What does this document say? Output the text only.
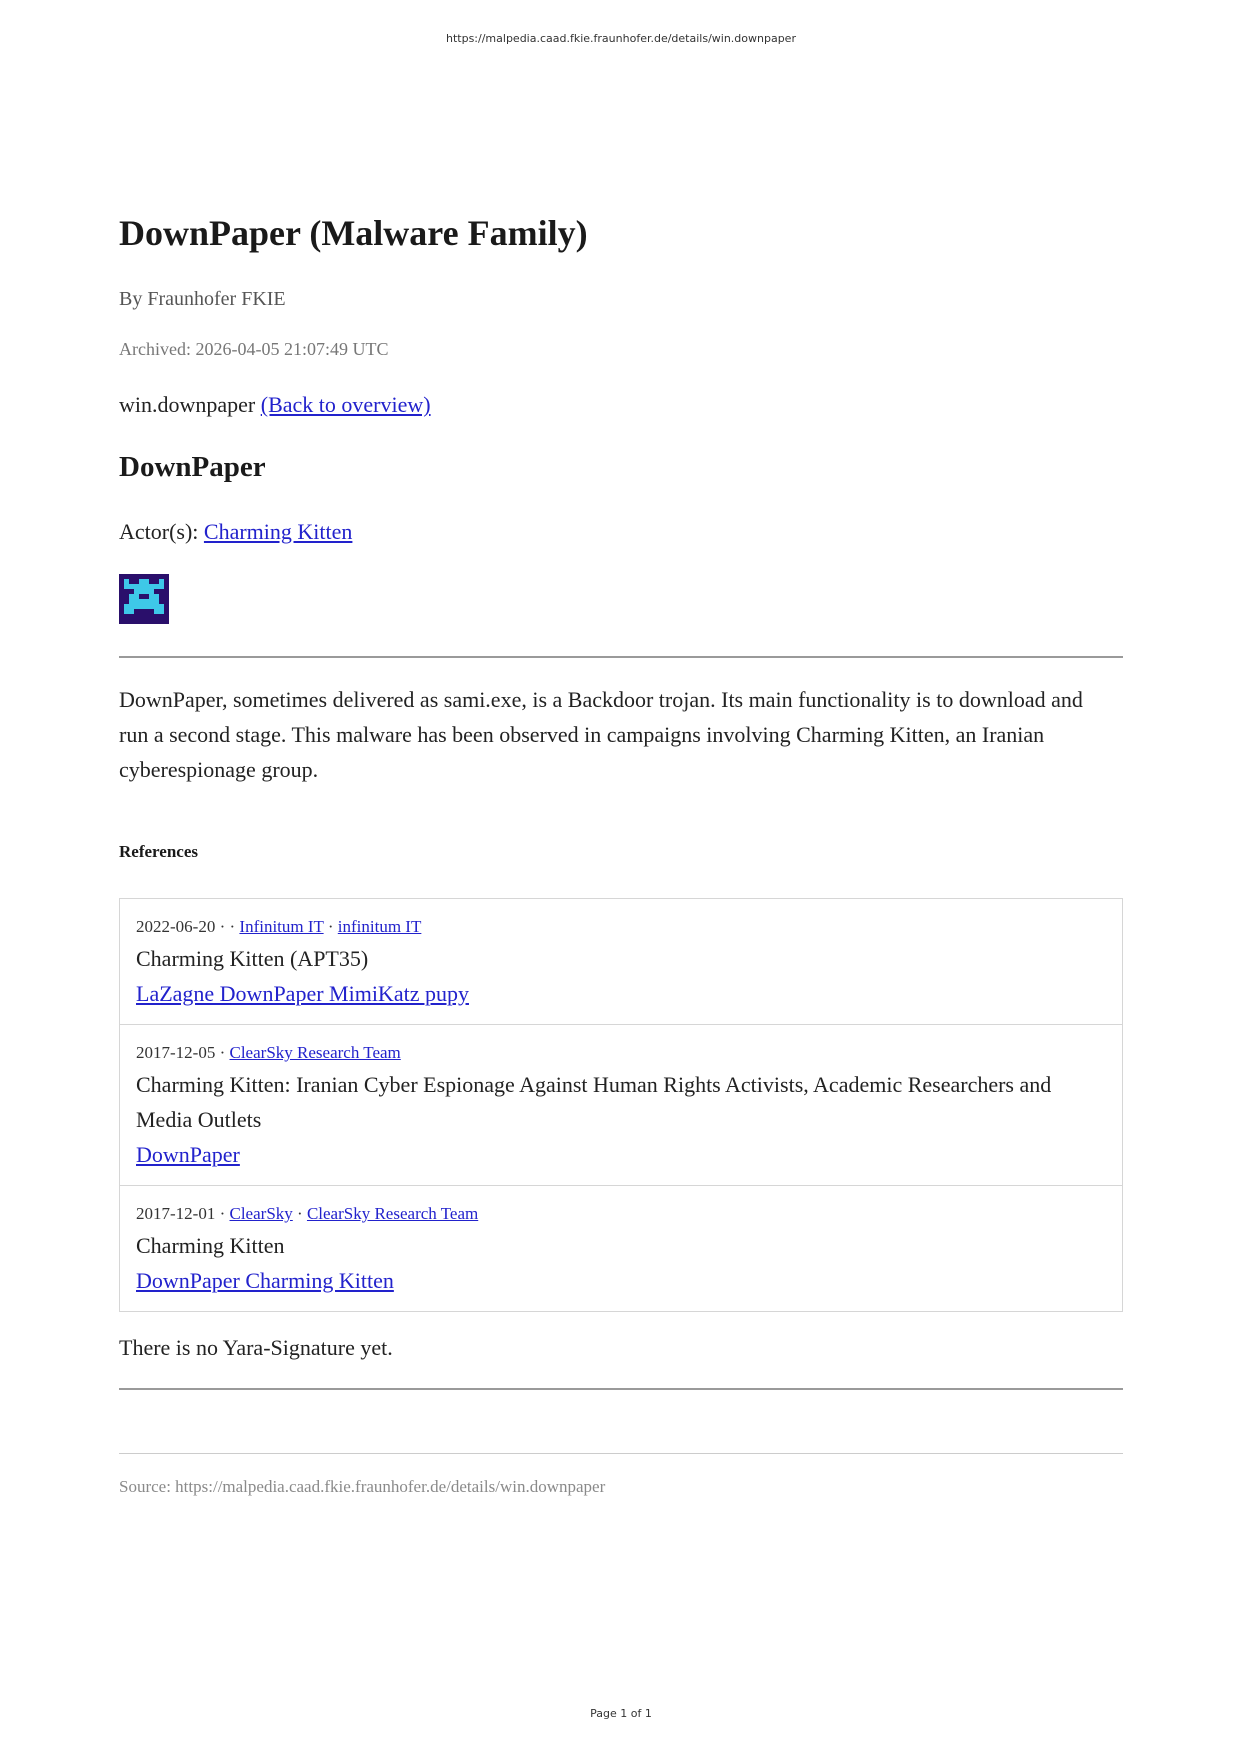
https://malpedia.caad.fkie.fraunhofer.de/details/win.downpaper
DownPaper (Malware Family)
By Fraunhofer FKIE
Archived: 2026-04-05 21:07:49 UTC
win.downpaper (Back to overview)
DownPaper
Actor(s): Charming Kitten

DownPaper, sometimes delivered as sami.exe, is a Backdoor trojan. Its main functionality is to download and run a second stage. This malware has been observed in campaigns involving Charming Kitten, an Iranian cyberespionage group.

References
2022-06-20 · · Infinitum IT · infinitum IT
Charming Kitten (APT35)
LaZagne DownPaper MimiKatz pupy
2017-12-05 · ClearSky Research Team
Charming Kitten: Iranian Cyber Espionage Against Human Rights Activists, Academic Researchers and Media Outlets
DownPaper
2017-12-01 · ClearSky · ClearSky Research Team
Charming Kitten
DownPaper Charming Kitten
There is no Yara-Signature yet.
Source: https://malpedia.caad.fkie.fraunhofer.de/details/win.downpaper
Page 1 of 1
